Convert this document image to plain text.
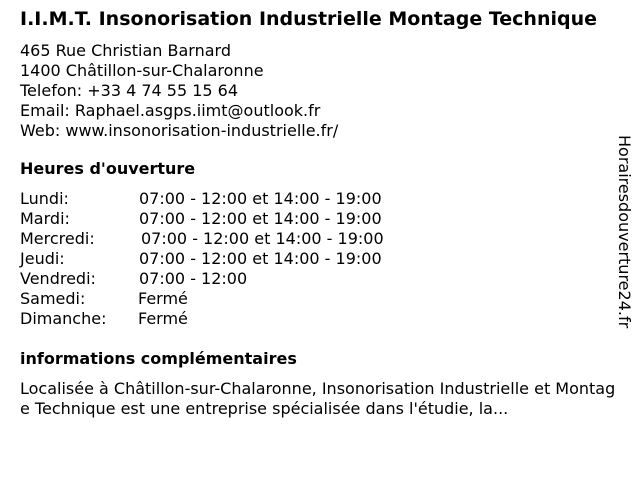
I.I.M.T. Insonorisation Industrielle Montage Technique
465 Rue Christian Barnard
1400 Châtillon-sur-Chalaronne
Telefon: +33 4 74 55 15 64
Email: Raphael.asgps.iimt@outlook.fr
Web: www.insonorisation-industrielle.fr/
Heures d'ouverture
Lundi:	07:00 - 12:00 et 14:00 - 19:00
Mardi:	07:00 - 12:00 et 14:00 - 19:00
Mercredi:	07:00 - 12:00 et 14:00 - 19:00
Jeudi:	07:00 - 12:00 et 14:00 - 19:00
Vendredi:	07:00 - 12:00
Samedi:	Fermé
Dimanche: Fermé
informations complémentaires
Localisée à Châtillon-sur-Chalaronne, Insonorisation Industrielle et Montage Technique est une entreprise spécialisée dans l'étudie, la...
Horairesdouverture24.fr
